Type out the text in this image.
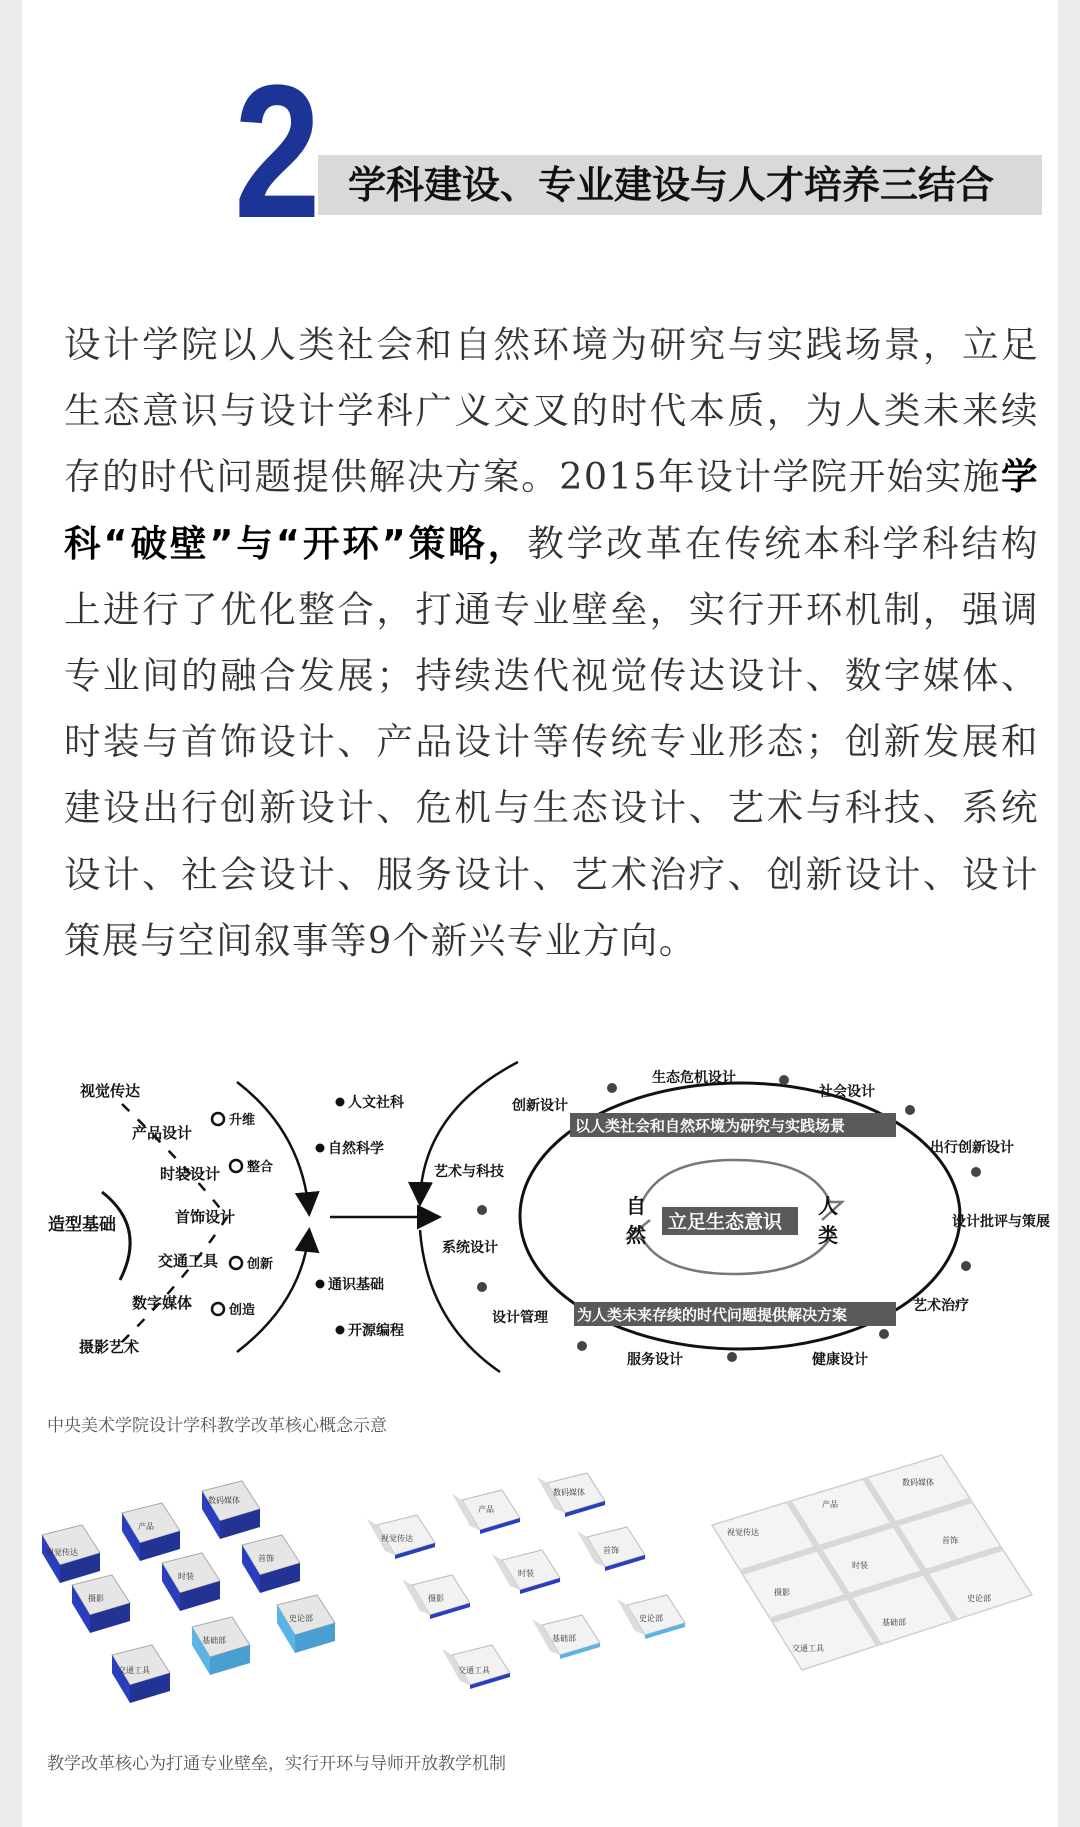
2 学科建设、专业建设与人才培养三结合
设计学院以人类社会和自然环境为研究与实践场景，立足生态意识与设计学科广义交叉的时代本质，为人类未来续存的时代问题提供解决方案。2015年设计学院开始实施学科“破壁”与“开环”策略，教学改革在传统本科学科结构上进行了优化整合，打通专业壁垒，实行开环机制，强调专业间的融合发展；持续迭代视觉传达设计、数字媒体、时装与首饰设计、产品设计等传统专业形态；创新发展和建设出行创新设计、危机与生态设计、艺术与科技、系统设计、社会设计、服务设计、艺术治疗、创新设计、设计策展与空间叙事等9个新兴专业方向。
造型基础
视觉传达
产品设计
时装设计
首饰设计
交通工具
数字媒体
摄影艺术
升维
整合
创新
创造
人文社科
自然科学
通识基础
开源编程
创新设计
艺术与科技
系统设计
设计管理
生态危机设计
社会设计
出行创新设计
设计批评与策展
艺术治疗
服务设计	健康设计
以人类社会和自然环境为研究与实践场景
为人类未来存续的时代问题提供解决方案
自
然
人
类
立足生态意识
中央美术学院设计学科教学改革核心概念示意
视觉传达
产品
数码媒体
摄影
时装
首饰
交通工具
基础部
史论部
视觉传达
产品
数码媒体
摄影
时装
首饰
交通工具
基础部
史论部
视觉传达
产品
数码媒体
摄影
时装
首饰
交通工具
基础部
史论部
教学改革核心为打通专业壁垒，实行开环与导师开放教学机制
